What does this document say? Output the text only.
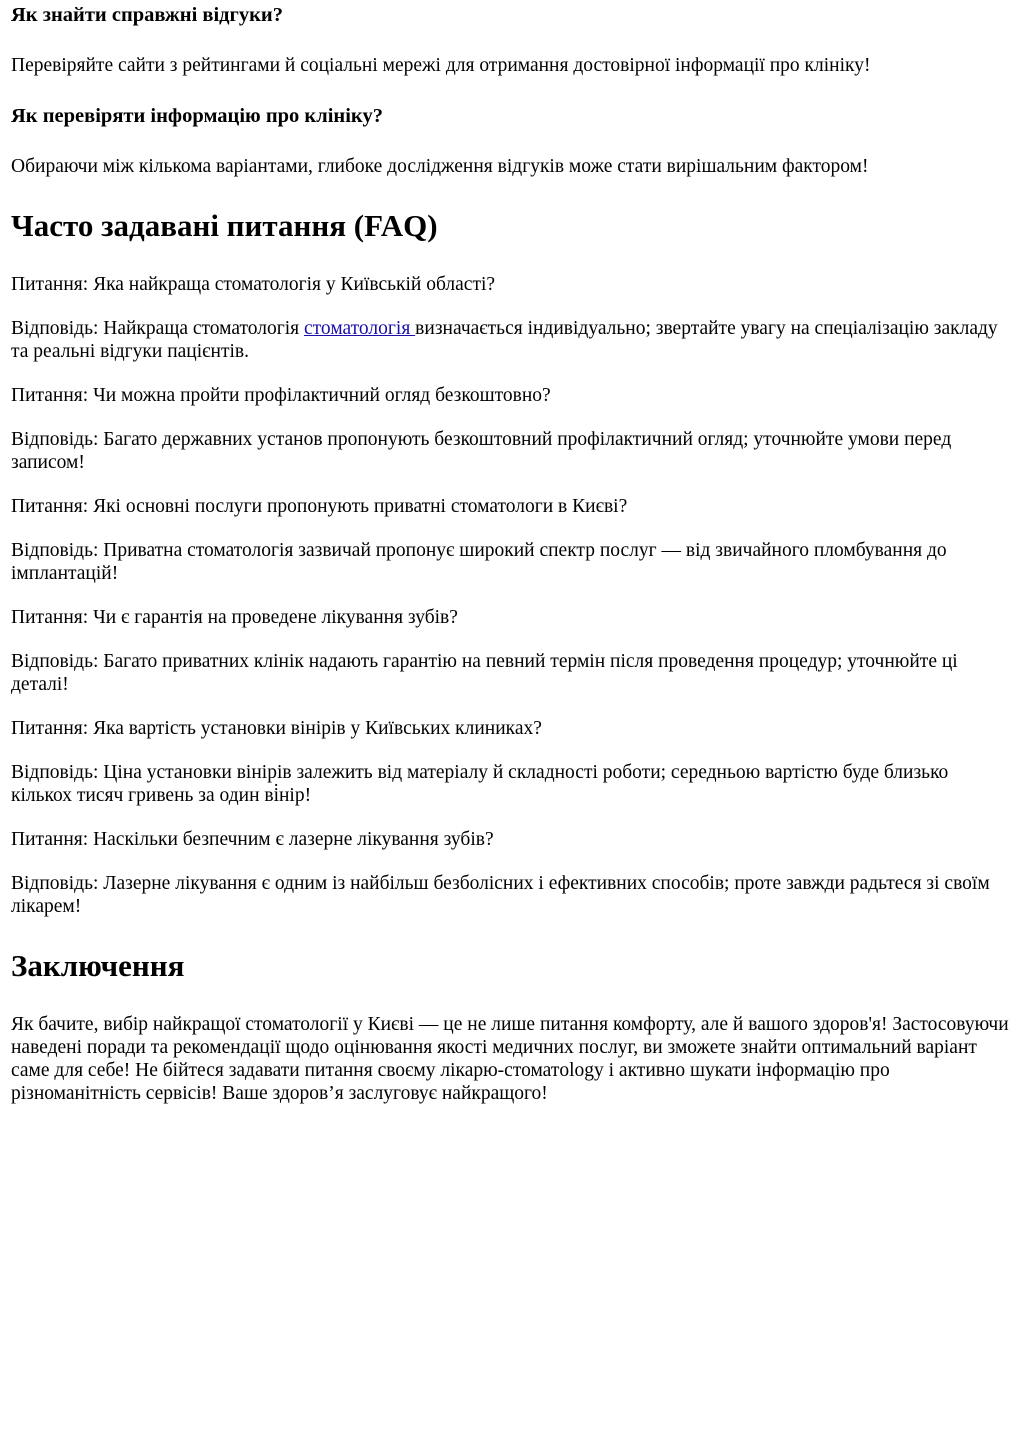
Як знайти справжні відгуки?

Перевіряйте сайти з рейтингами й соціальні мережі для отримання достовірної інформації про клініку!

Як перевіряти інформацію про клініку?

Обираючи між кількома варіантами, глибоке дослідження відгуків може стати вирішальним фактором!

Часто задавані питання (FAQ)

Питання: Яка найкраща стоматологія у Київській області?

Відповідь: Найкраща стоматологія стоматологія визначається індивідуально; звертайте увагу на спеціалізацію закладу та реальні відгуки пацієнтів.

Питання: Чи можна пройти профілактичний огляд безкоштовно?

Відповідь: Багато державних установ пропонують безкоштовний профілактичний огляд; уточнюйте умови перед записом!

Питання: Які основні послуги пропонують приватні стоматологи в Києві?

Відповідь: Приватна стоматологія зазвичай пропонує широкий спектр послуг — від звичайного пломбування до імплантацій!

Питання: Чи є гарантія на проведене лікування зубів?

Відповідь: Багато приватних клінік надають гарантію на певний термін після проведення процедур; уточнюйте ці деталі!

Питання: Яка вартість установки вінірів у Київських клиниках?

Відповідь: Ціна установки вінірів залежить від матеріалу й складності роботи; середньою вартістю буде близько кількох тисяч гривень за один вi̇нір!

Питання: Наскільки безпечним є лазерне лікування зубів?

Відповідь: Лазерне лікування є одним із найбільш безболісних і ефективних способів; проте завжди радьтеся зі своїм лікарем!

Заключення

Як бачите, вибір найкращої стоматології у Києві — це не лише питання комфорту, але й вашого здоров'я! Застосовуючи наведені поради та рекомендації щодо оцінювання якості медичних послуг, ви зможете знайти оптимальний варіант саме для себе! Не бійтеся задавати питання своєму лікарю-стоматology і активно шукати інформацію про різноманітність сервісів! Ваше здоров’я заслуговує найкращого!
